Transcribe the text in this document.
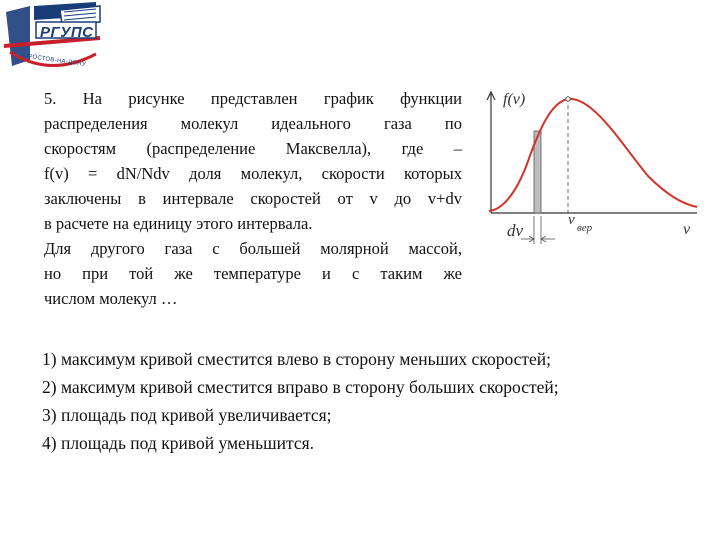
РГУПС
РОСТОВ-НА-ДОНУ
5. На рисунке представлен график функции
распределения молекул идеального газа по
скоростям (распределение Максвелла), где –
f(v) = dN/Ndv доля молекул, скорости которых
заключены в интервале скоростей от v до v+dv
в расчете на единицу этого интервала.
Для другого газа с большей молярной массой,
но при той же температуре и с таким же
числом молекул …
f(v)
v
dv
v вер
1) максимум кривой сместится влево в сторону меньших скоростей;
2) максимум кривой сместится вправо в сторону больших скоростей;
3) площадь под кривой увеличивается;
4) площадь под кривой уменьшится.
